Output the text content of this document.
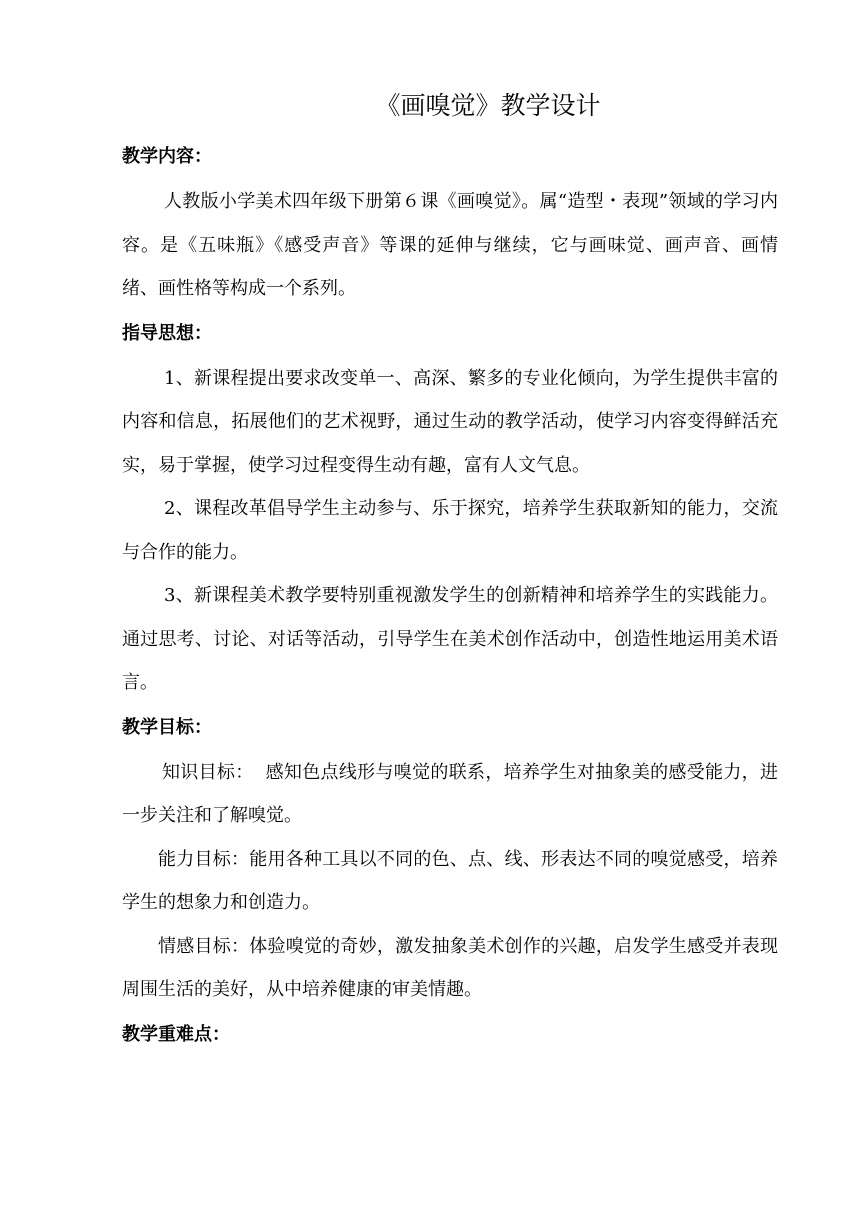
《画嗅觉》教学设计
教学内容：

人教版小学美术四年级下册第６课《画嗅觉》。属“造型・表现”领域的学习内容。是《五味瓶》《感受声音》等课的延伸与继续，它与画味觉、画声音、画情绪、画性格等构成一个系列。

指导思想：

1、新课程提出要求改变单一、高深、繁多的专业化倾向，为学生提供丰富的内容和信息，拓展他们的艺术视野，通过生动的教学活动，使学习内容变得鲜活充实，易于掌握，使学习过程变得生动有趣，富有人文气息。

2、课程改革倡导学生主动参与、乐于探究，培养学生获取新知的能力，交流与合作的能力。

3、新课程美术教学要特别重视激发学生的创新精神和培养学生的实践能力。通过思考、讨论、对话等活动，引导学生在美术创作活动中，创造性地运用美术语言。

教学目标：

知识目标：  感知色点线形与嗅觉的联系，培养学生对抽象美的感受能力，进一步关注和了解嗅觉。

能力目标：能用各种工具以不同的色、点、线、形表达不同的嗅觉感受，培养学生的想象力和创造力。

情感目标：体验嗅觉的奇妙，激发抽象美术创作的兴趣，启发学生感受并表现周围生活的美好，从中培养健康的审美情趣。

教学重难点：
